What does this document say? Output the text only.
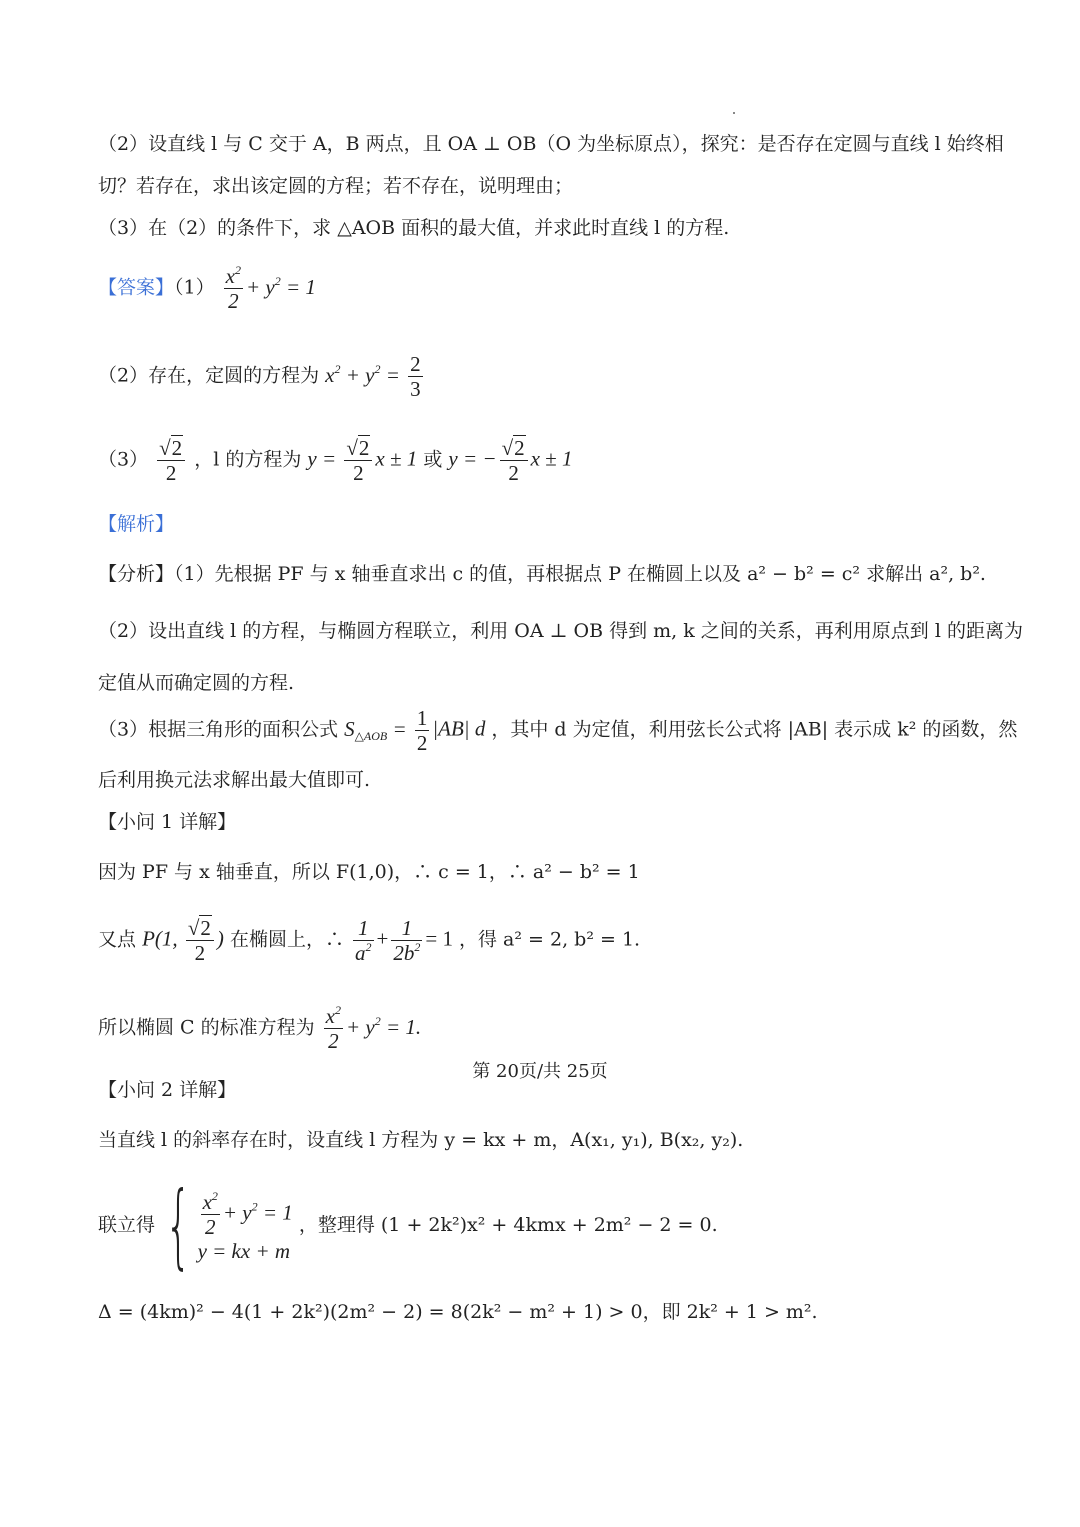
（2）设直线 l 与 C 交于 A，B 两点，且 OA ⊥ OB（O 为坐标原点），探究：是否存在定圆与直线 l 始终相
切？若存在，求出该定圆的方程；若不存在，说明理由；
（3）在（2）的条件下，求 △AOB 面积的最大值，并求此时直线 l 的方程.
【答案】$(1) \frac{x^2}{2} + y^2 = 1$
（2）存在，定圆的方程为 $x^2 + y^2 = \frac{2}{3}$
$(3) \frac{√2}{2}$ ，l 的方程为 $y = \frac{√2}{2}$ x ± 1 或 y = − $\frac{√2}{2}$ x ± 1
【解析】
【分析】（1）先根据 PF 与 x 轴垂直求出 c 的值，再根据点 P 在椭圆上以及 a² − b² = c² 求解出 a², b².
（2）设出直线 l 的方程，与椭圆方程联立，利用 OA ⊥ OB 得到 m, k 之间的关系，再利用原点到 l 的距离为
定值从而确定圆的方程.
（3）根据三角形的面积公式 $S_{\triangle AOB} = \frac{1}{2} |AB|$ d ，其中 d 为定值，利用弦长公式将 |AB| 表示成 k² 的函数，然
后利用换元法求解出最大值即可.
【小问 1 详解】
因为 PF 与 x 轴垂直，所以 F(1,0)，∴ c = 1，∴ a² − b² = 1
又点 P(1, $\frac{√2}{2}$ ) 在椭圆上，∴ $\frac{1}{a^2} + \frac{1}{2b^2} = 1$ ，得 a² = 2, b² = 1.
所以椭圆 C 的标准方程为 $\frac{x^2}{2} + y^2 = 1$.
【小问 2 详解】
当直线 l 的斜率存在时，设直线 l 方程为 y = kx + m，A(x₁, y₁), B(x₂, y₂).
联立得 { $\frac{x^2}{2} + y^2 = 1$
y = kx + m
，整理得 (1 + 2k²)x² + 4kmx + 2m² − 2 = 0.
Δ = (4km)² − 4(1 + 2k²)(2m² − 2) = 8(2k² − m² + 1) > 0，即 2k² + 1 > m².
第 20页/共 25页
